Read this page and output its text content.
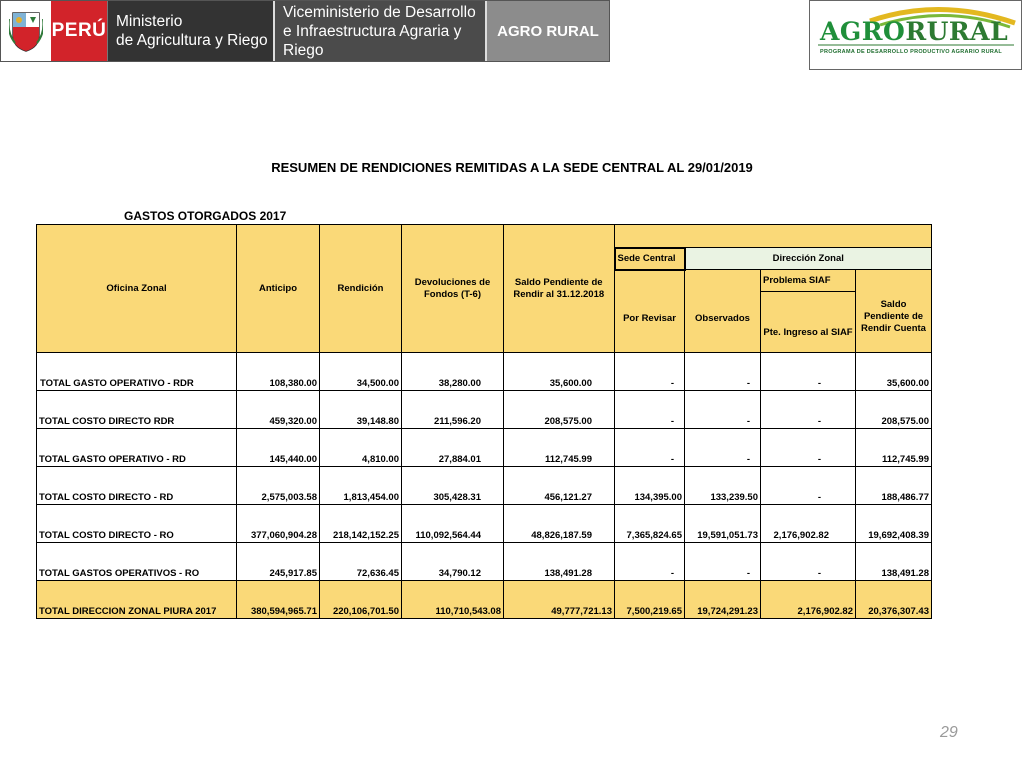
PERÚ Ministerio
de Agricultura y Riego
Viceministerio de Desarrollo
e Infraestructura Agraria y Riego
AGRO RURAL	AGRORURAL
PROGRAMA DE DESARROLLO PRODUCTIVO AGRARIO RURAL
RESUMEN DE RENDICIONES REMITIDAS A LA SEDE CENTRAL AL 29/01/2019
GASTOS OTORGADOS 2017
Oficina Zonal	Anticipo	Rendición	Devoluciones de Fondos (T-6)	Saldo Pendiente de Rendir al 31.12.2018				
					Sede Central	Dirección Zonal		
					Por Revisar	Observados	Problema SIAF	Saldo Pendiente de Rendir Cuenta
							Pte. Ingreso al SIAF	
TOTAL GASTO OPERATIVO - RDR	108,380.00	34,500.00	38,280.00	35,600.00	-	-	-	35,600.00
TOTAL COSTO DIRECTO RDR	459,320.00	39,148.80	211,596.20	208,575.00	-	-	-	208,575.00
TOTAL GASTO OPERATIVO - RD	145,440.00	4,810.00	27,884.01	112,745.99	-	-	-	112,745.99
TOTAL COSTO DIRECTO - RD	2,575,003.58	1,813,454.00	305,428.31	456,121.27	134,395.00	133,239.50	-	188,486.77
TOTAL COSTO DIRECTO - RO	377,060,904.28	218,142,152.25	110,092,564.44	48,826,187.59	7,365,824.65	19,591,051.73	2,176,902.82	19,692,408.39
TOTAL GASTOS OPERATIVOS - RO	245,917.85	72,636.45	34,790.12	138,491.28	-	-	-	138,491.28
TOTAL DIRECCION ZONAL PIURA 2017	380,594,965.71	220,106,701.50	110,710,543.08	49,777,721.13	7,500,219.65	19,724,291.23	2,176,902.82	20,376,307.43
29
